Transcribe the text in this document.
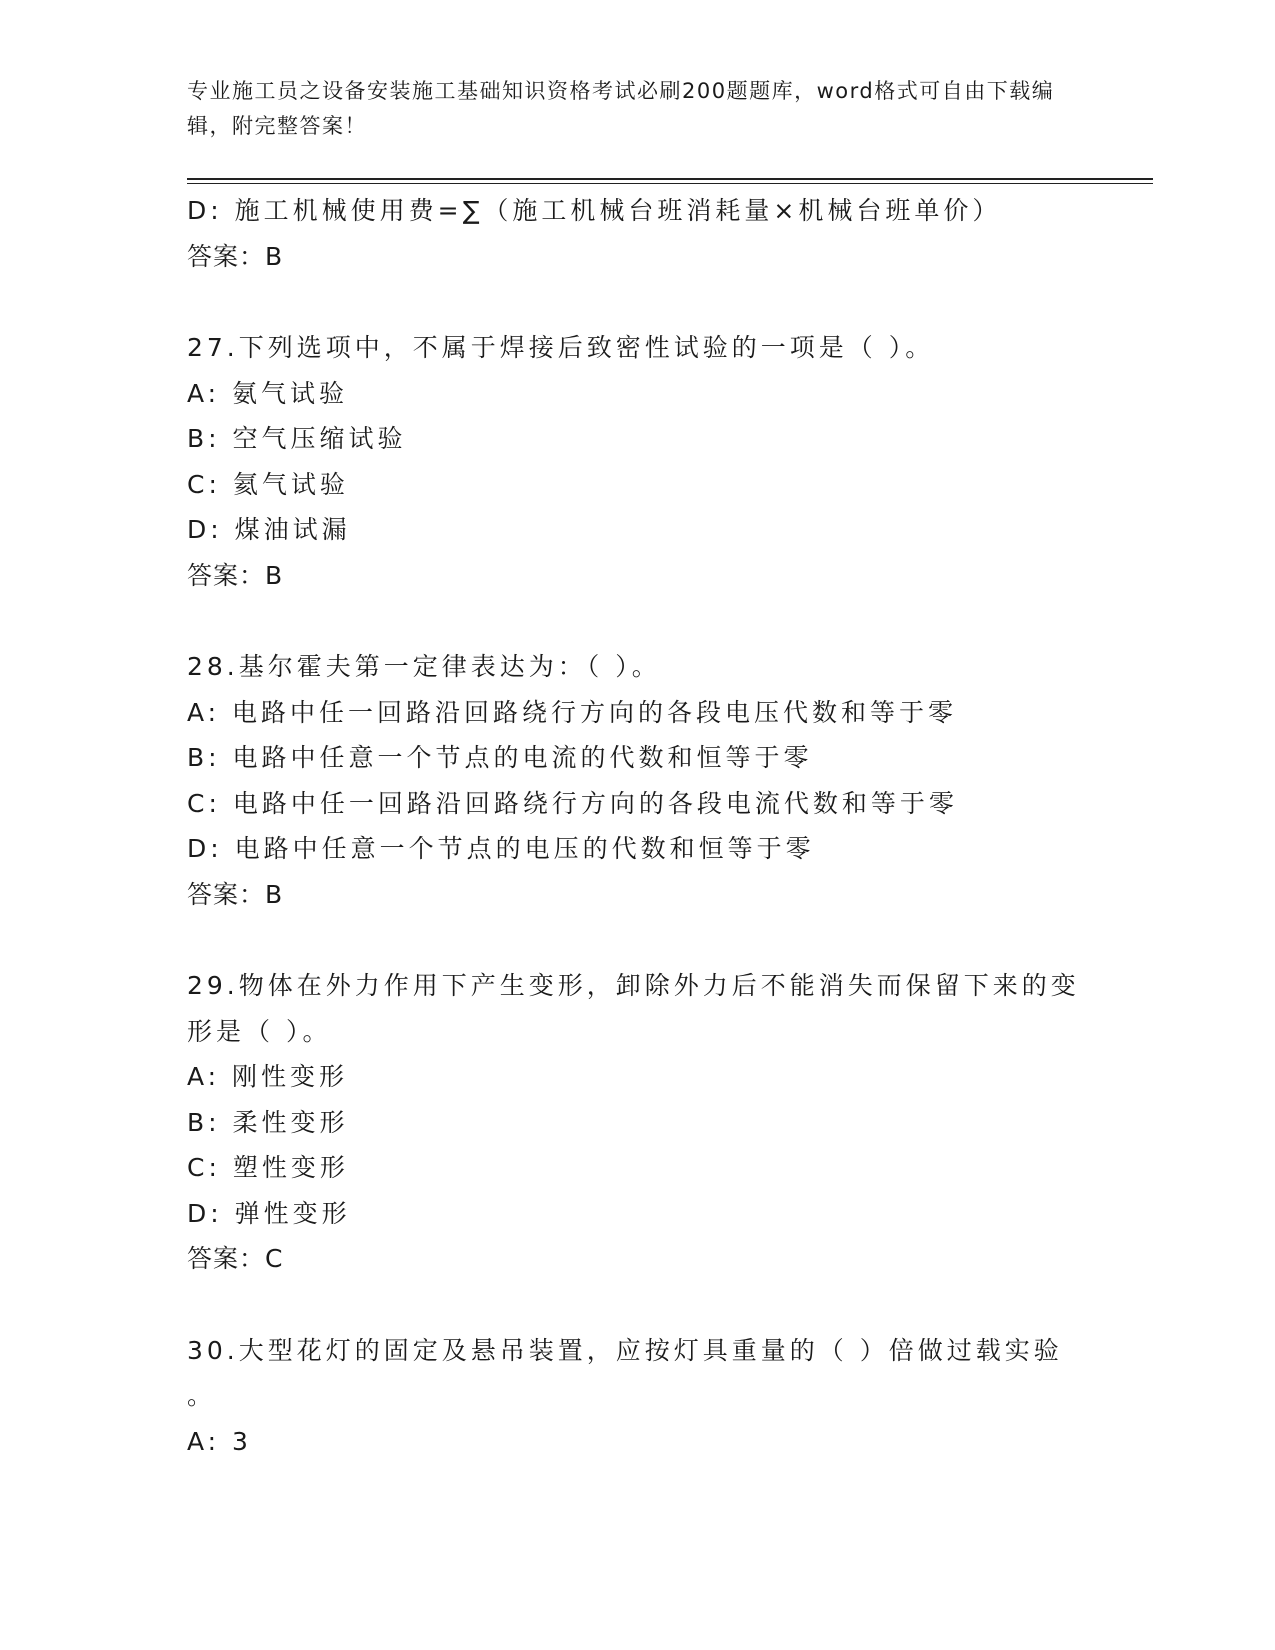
专业施工员之设备安装施工基础知识资格考试必刷200题题库，word格式可自由下载编辑，附完整答案！
D: 施工机械使用费=∑（施工机械台班消耗量×机械台班单价）
答案：B
27.下列选项中，不属于焊接后致密性试验的一项是（ ）。
A: 氨气试验
B: 空气压缩试验
C: 氦气试验
D: 煤油试漏
答案：B
28.基尔霍夫第一定律表达为：（ ）。
A: 电路中任一回路沿回路绕行方向的各段电压代数和等于零
B: 电路中任意一个节点的电流的代数和恒等于零
C: 电路中任一回路沿回路绕行方向的各段电流代数和等于零
D: 电路中任意一个节点的电压的代数和恒等于零
答案：B
29.物体在外力作用下产生变形，卸除外力后不能消失而保留下来的变
形是（ ）。
A: 刚性变形
B: 柔性变形
C: 塑性变形
D: 弹性变形
答案：C
30.大型花灯的固定及悬吊装置，应按灯具重量的（ ）倍做过载实验
。
A: 3
